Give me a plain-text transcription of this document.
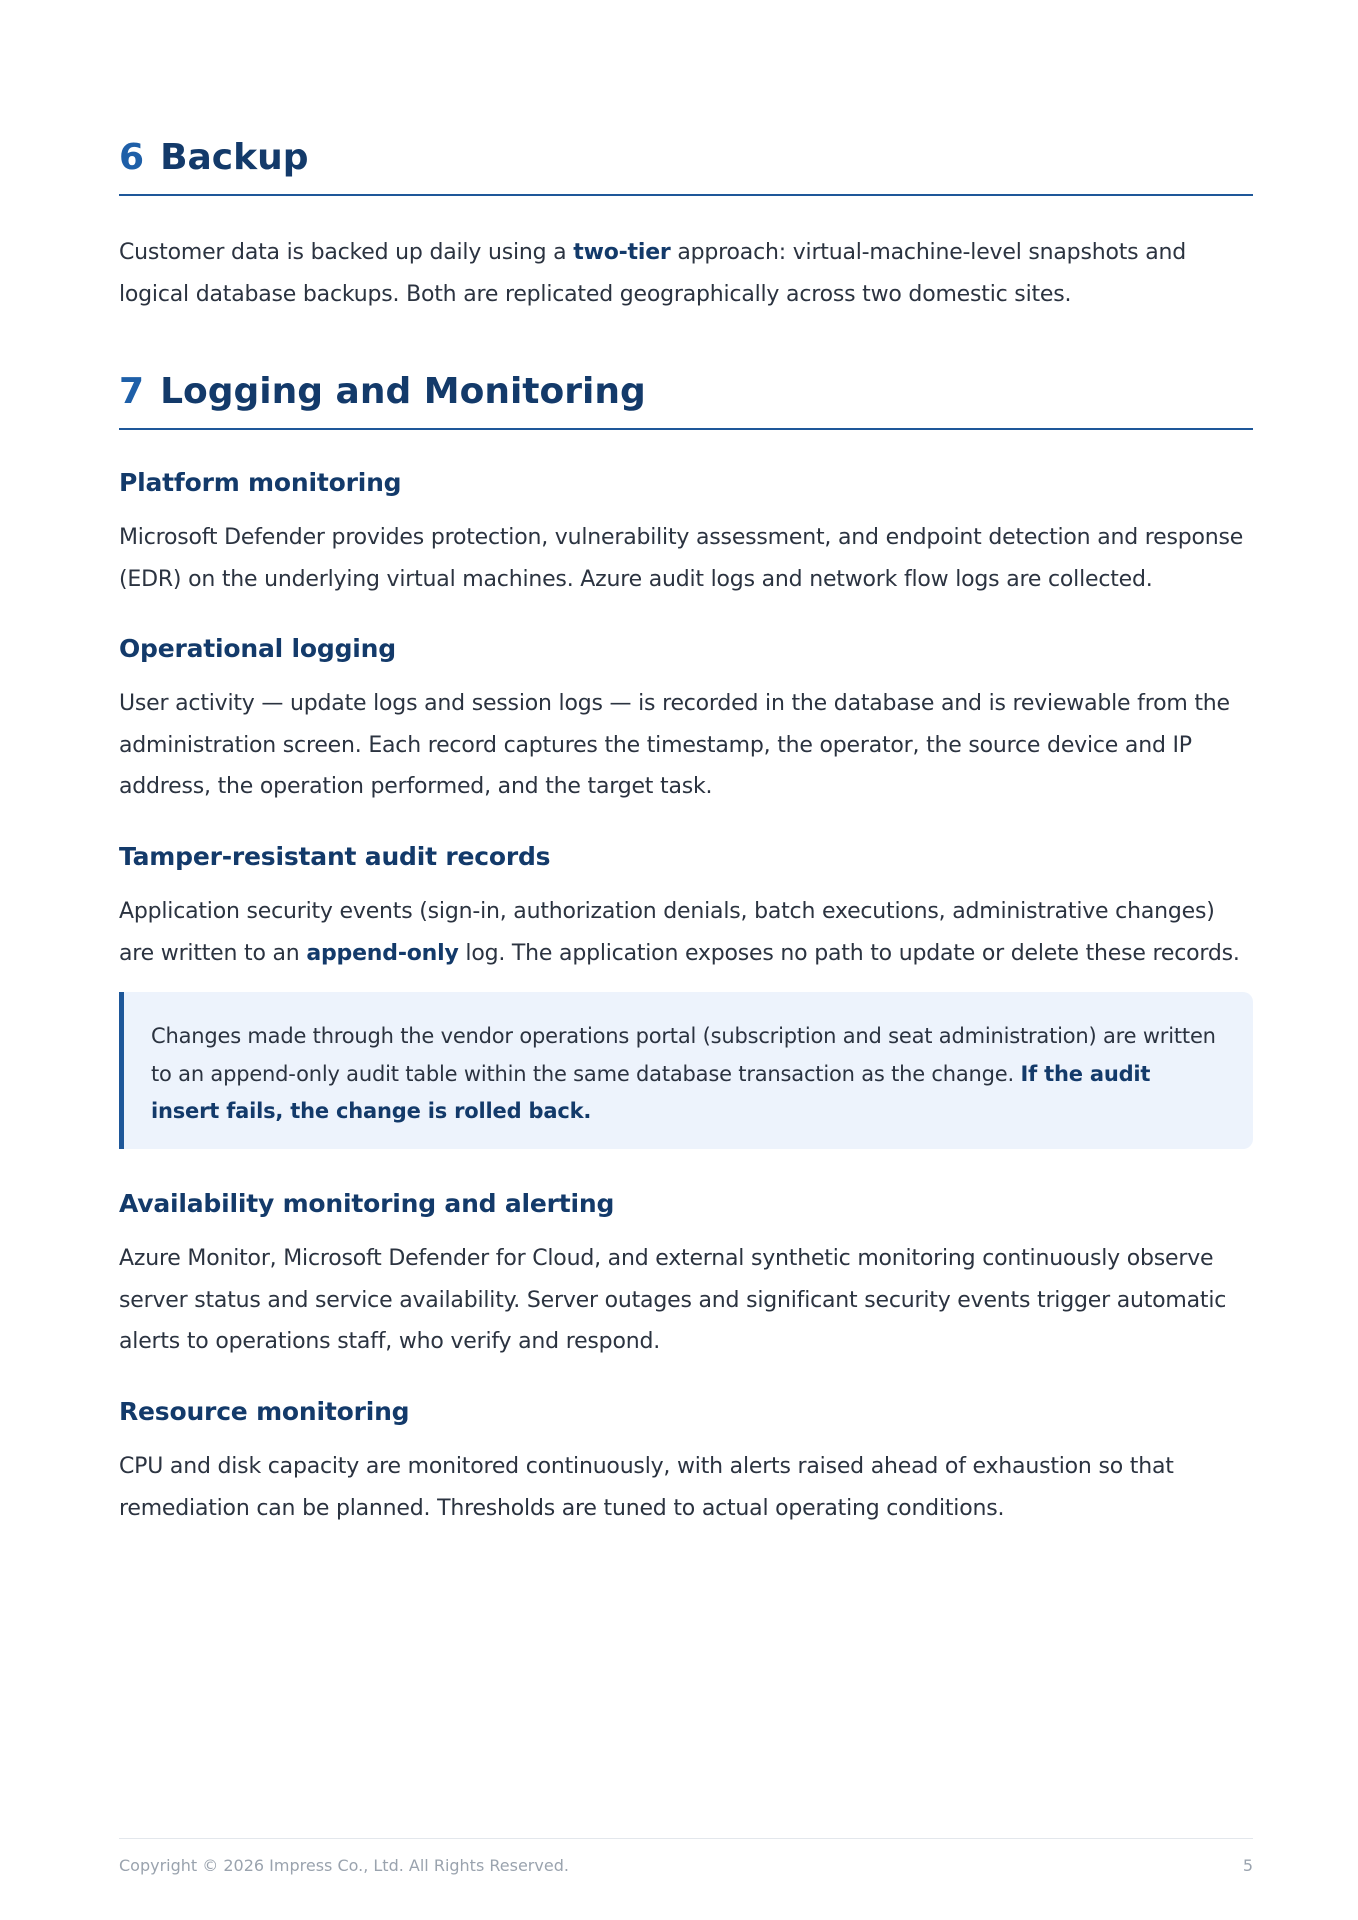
6 Backup

Customer data is backed up daily using a two-tier approach: virtual-machine-level snapshots and logical database backups. Both are replicated geographically across two domestic sites.

7 Logging and Monitoring
Platform monitoring

Microsoft Defender provides protection, vulnerability assessment, and endpoint detection and response (EDR) on the underlying virtual machines. Azure audit logs and network flow logs are collected.

Operational logging

User activity — update logs and session logs — is recorded in the database and is reviewable from the administration screen. Each record captures the timestamp, the operator, the source device and IP address, the operation performed, and the target task.

Tamper-resistant audit records

Application security events (sign-in, authorization denials, batch executions, administrative changes) are written to an append-only log. The application exposes no path to update or delete these records.

Changes made through the vendor operations portal (subscription and seat administration) are written to an append-only audit table within the same database transaction as the change. If the audit insert fails, the change is rolled back.

Availability monitoring and alerting

Azure Monitor, Microsoft Defender for Cloud, and external synthetic monitoring continuously observe server status and service availability. Server outages and significant security events trigger automatic alerts to operations staff, who verify and respond.

Resource monitoring

CPU and disk capacity are monitored continuously, with alerts raised ahead of exhaustion so that remediation can be planned. Thresholds are tuned to actual operating conditions.

Copyright © 2026 Impress Co., Ltd. All Rights Reserved.	5
